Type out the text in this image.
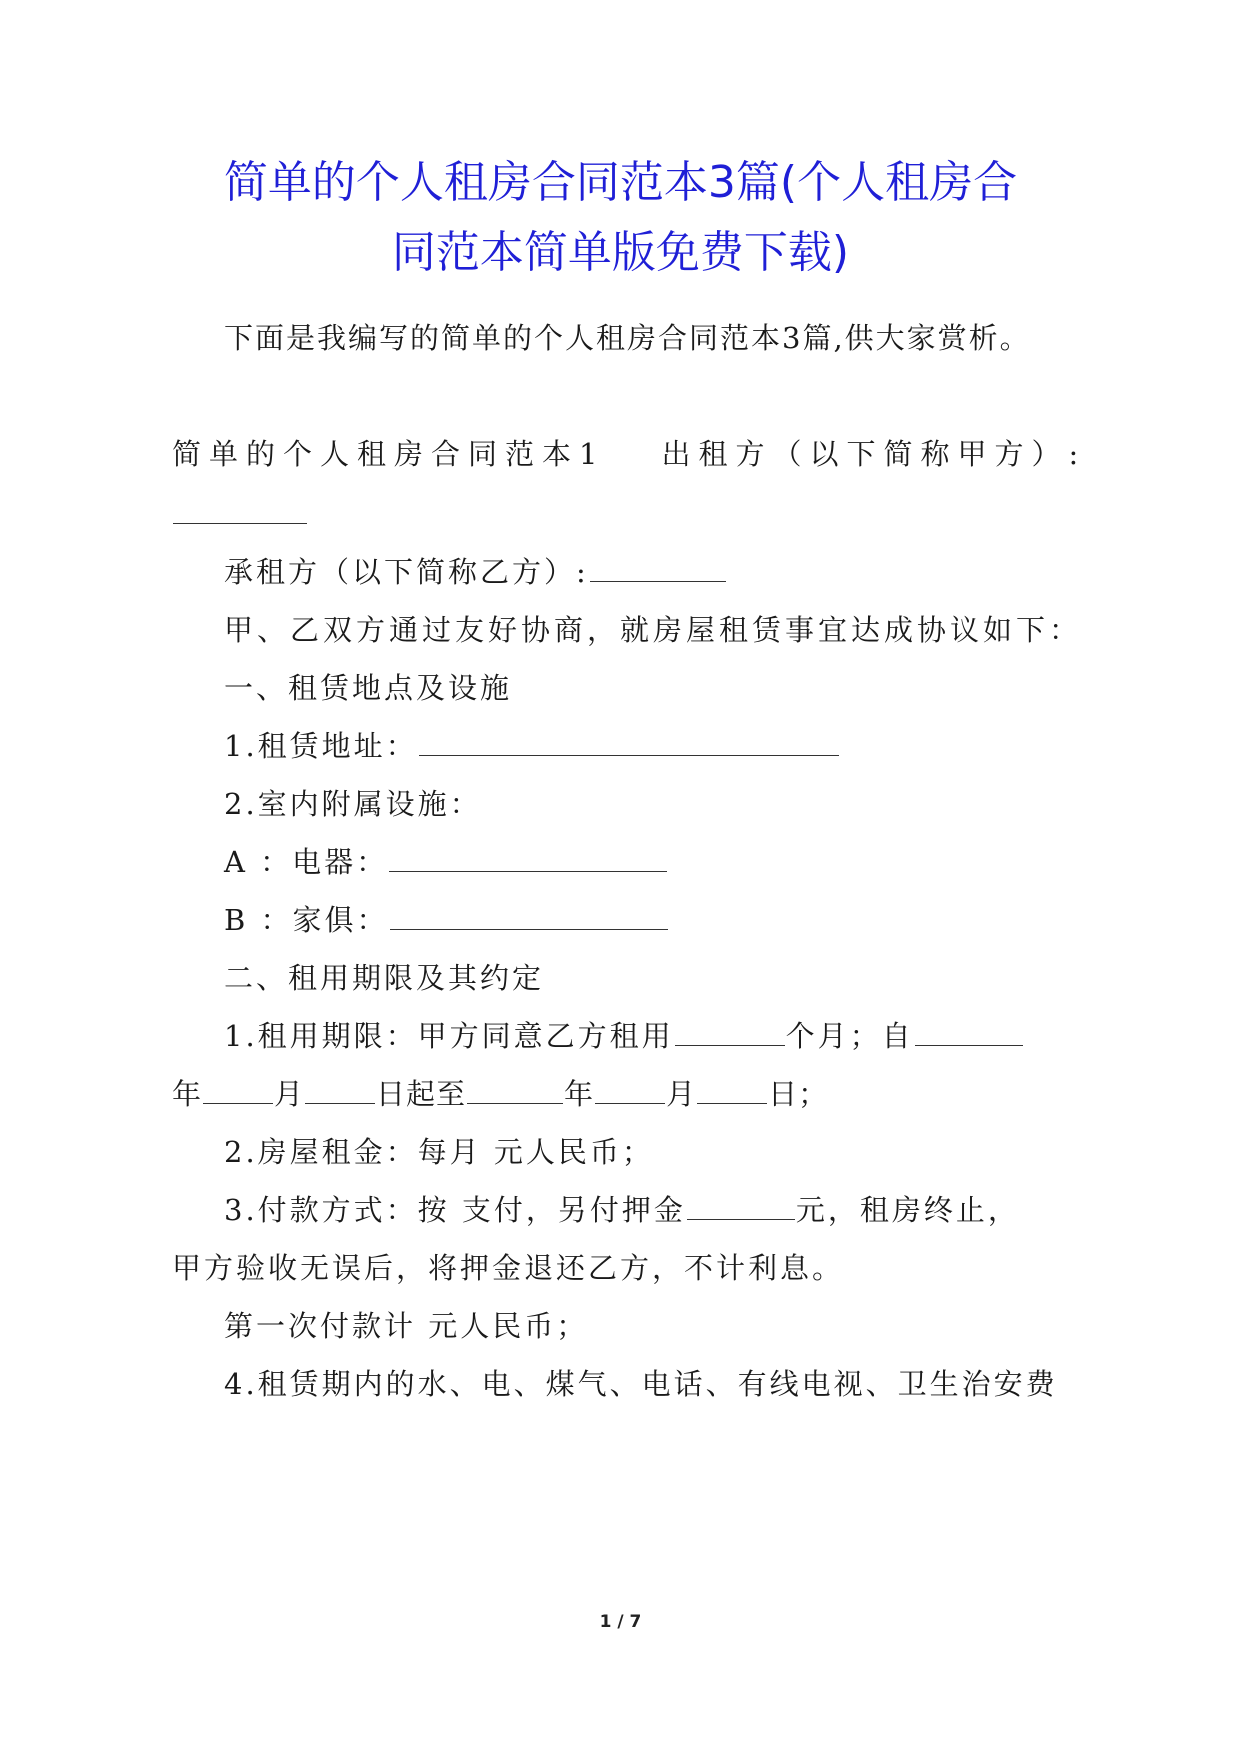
简单的个人租房合同范本3篇(个人租房合
同范本简单版免费下载)
下面是我编写的简单的个人租房合同范本3篇,供大家赏析。
简单的个人租房合同范本1 出租方（以下简称甲方）:
承租方（以下简称乙方）:
甲、乙双方通过友好协商，就房屋租赁事宜达成协议如下：
一、租赁地点及设施
1.租赁地址：
2.室内附属设施：
A ：电器：
B ：家俱：
二、租用期限及其约定
1.租用期限：甲方同意乙方租用	个月；自
年 月 日起至	年 月 日；
2.房屋租金：每月 元人民币；
3.付款方式：按 支付，另付押金	元，租房终止，
甲方验收无误后，将押金退还乙方，不计利息。
第一次付款计 元人民币；
4.租赁期内的水、电、煤气、电话、有线电视、卫生治安费
1 / 7
